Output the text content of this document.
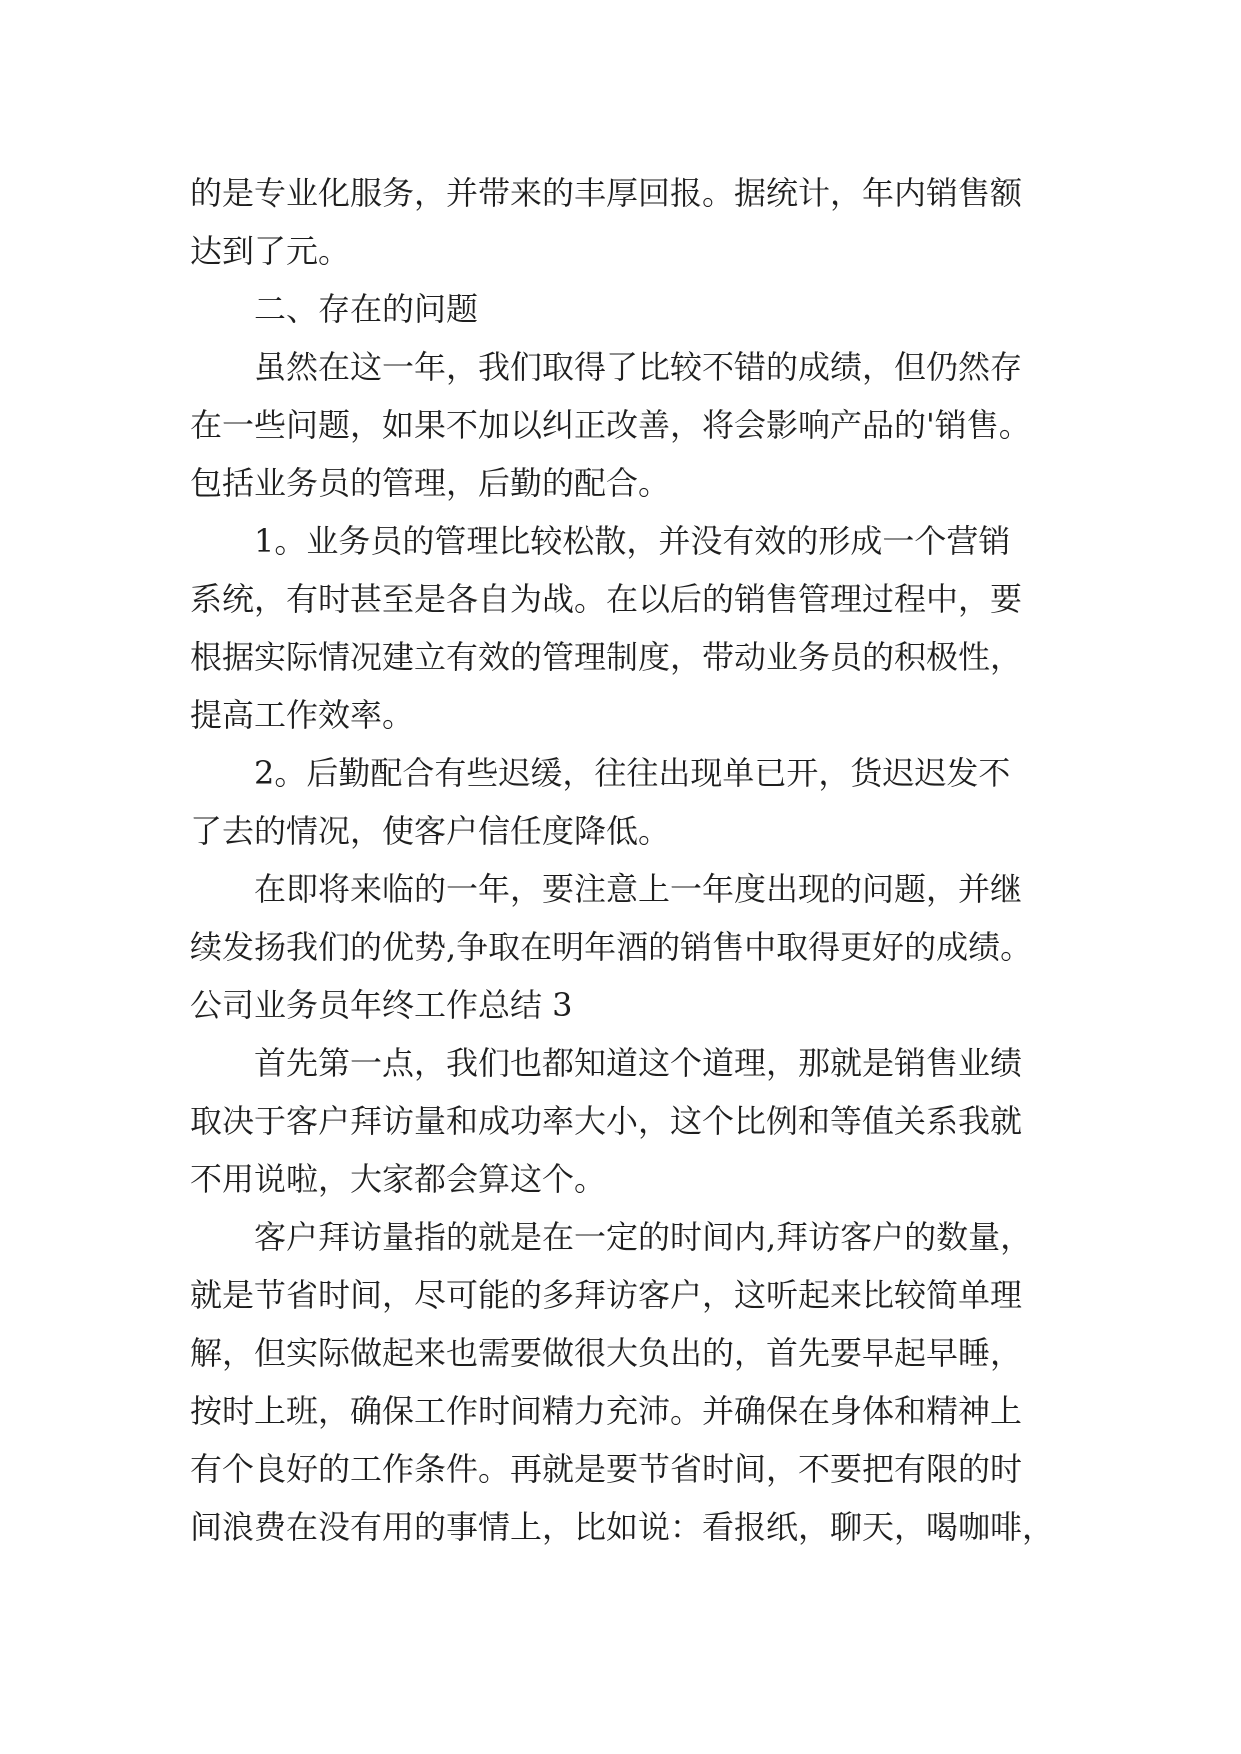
的是专业化服务，并带来的丰厚回报。据统计，年内销售额
达到了元。
二、存在的问题
虽然在这一年，我们取得了比较不错的成绩，但仍然存
在一些问题，如果不加以纠正改善，将会影响产品的'销售。
包括业务员的管理，后勤的配合。
1。业务员的管理比较松散，并没有效的形成一个营销
系统，有时甚至是各自为战。在以后的销售管理过程中，要
根据实际情况建立有效的管理制度，带动业务员的积极性，
提高工作效率。
2。后勤配合有些迟缓，往往出现单已开，货迟迟发不
了去的情况，使客户信任度降低。
在即将来临的一年，要注意上一年度出现的问题，并继
续发扬我们的优势,争取在明年酒的销售中取得更好的成绩。
公司业务员年终工作总结 3
首先第一点，我们也都知道这个道理，那就是销售业绩
取决于客户拜访量和成功率大小，这个比例和等值关系我就
不用说啦，大家都会算这个。
客户拜访量指的就是在一定的时间内,拜访客户的数量，
就是节省时间，尽可能的多拜访客户，这听起来比较简单理
解，但实际做起来也需要做很大负出的，首先要早起早睡，
按时上班，确保工作时间精力充沛。并确保在身体和精神上
有个良好的工作条件。再就是要节省时间，不要把有限的时
间浪费在没有用的事情上，比如说：看报纸，聊天，喝咖啡，
